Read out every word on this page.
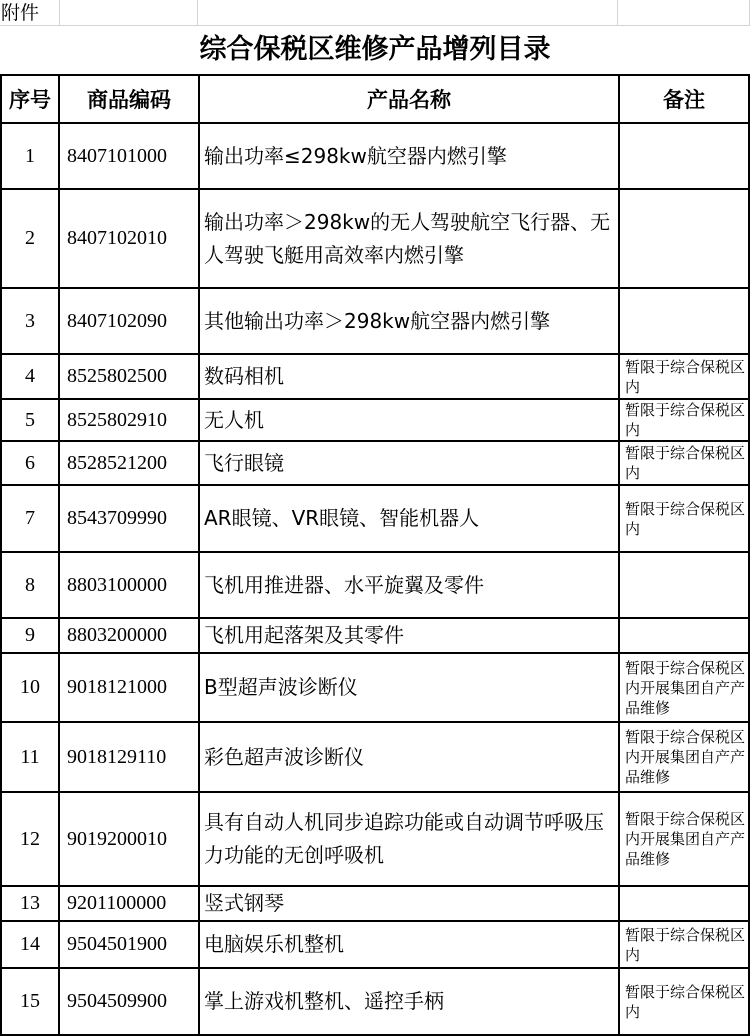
附件
综合保税区维修产品增列目录
序号	商品编码	产品名称	备注
1	8407101000	输出功率≤298kw航空器内燃引擎	
2	8407102010	输出功率＞298kw的无人驾驶航空飞行器、无人驾驶飞艇用高效率内燃引擎	
3	8407102090	其他输出功率＞298kw航空器内燃引擎	
4	8525802500	数码相机	暂限于综合保税区内
5	8525802910	无人机	暂限于综合保税区内
6	8528521200	飞行眼镜	暂限于综合保税区内
7	8543709990	AR眼镜、VR眼镜、智能机器人	暂限于综合保税区内
8	8803100000	飞机用推进器、水平旋翼及零件	
9	8803200000	飞机用起落架及其零件	
10	9018121000	B型超声波诊断仪	暂限于综合保税区内开展集团自产产品维修
11	9018129110	彩色超声波诊断仪	暂限于综合保税区内开展集团自产产品维修
12	9019200010	具有自动人机同步追踪功能或自动调节呼吸压力功能的无创呼吸机	暂限于综合保税区内开展集团自产产品维修
13	9201100000	竖式钢琴	
14	9504501900	电脑娱乐机整机	暂限于综合保税区内
15	9504509900	掌上游戏机整机、遥控手柄	暂限于综合保税区内
